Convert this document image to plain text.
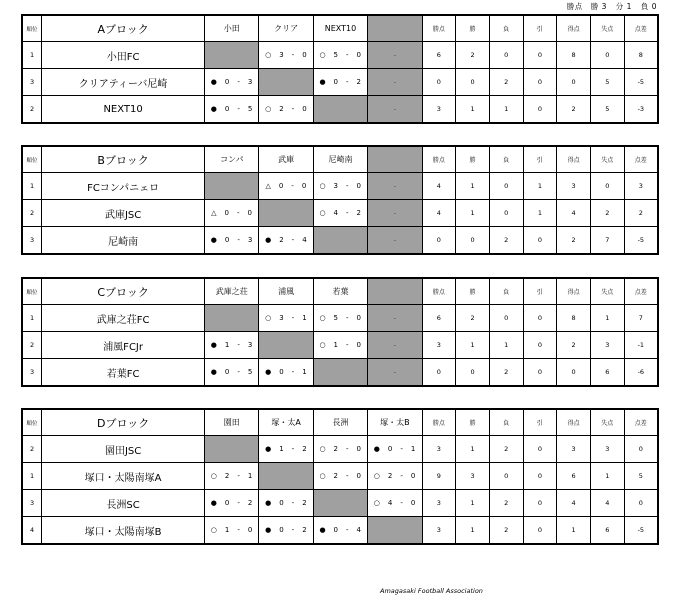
勝点　勝 3 分 1 負 0
順位	Aブロック	小田	クリア	NEXT10		勝点	勝	負	引	得点	失点	点差
1	小田FC		○　3　-　0	○　5　-　0	-	6	2	0	0	8	0	8
3	クリアティーバ尼崎	●　0　-　3		●　0　-　2	-	0	0	2	0	0	5	-5
2	NEXT10	●　0　-　5	○　2　-　0		-	3	1	1	0	2	5	-3
順位	Bブロック	コンパ	武庫	尼崎南		勝点	勝	負	引	得点	失点	点差
1	FCコンパニェロ		△　0　-　0	○　3　-　0	-	4	1	0	1	3	0	3
2	武庫JSC	△　0　-　0		○　4　-　2	-	4	1	0	1	4	2	2
3	尼崎南	●　0　-　3	●　2　-　4		-	0	0	2	0	2	7	-5
順位	Cブロック	武庫之荘	浦風	若葉		勝点	勝	負	引	得点	失点	点差
1	武庫之荘FC		○　3　-　1	○　5　-　0	-	6	2	0	0	8	1	7
2	浦風FCJr	●　1　-　3		○　1　-　0	-	3	1	1	0	2	3	-1
3	若葉FC	●　0　-　5	●　0　-　1		-	0	0	2	0	0	6	-6
順位	Dブロック	園田	塚・太A	長洲	塚・太B	勝点	勝	負	引	得点	失点	点差
2	園田JSC		●　1　-　2	○　2　-　0	●　0　-　1	3	1	2	0	3	3	0
1	塚口・太陽南塚A	○　2　-　1		○　2　-　0	○　2　-　0	9	3	0	0	6	1	5
3	長洲SC	●　0　-　2	●　0　-　2		○　4　-　0	3	1	2	0	4	4	0
4	塚口・太陽南塚B	○　1　-　0	●　0　-　2	●　0　-　4		3	1	2	0	1	6	-5
Amagasaki Football Association
